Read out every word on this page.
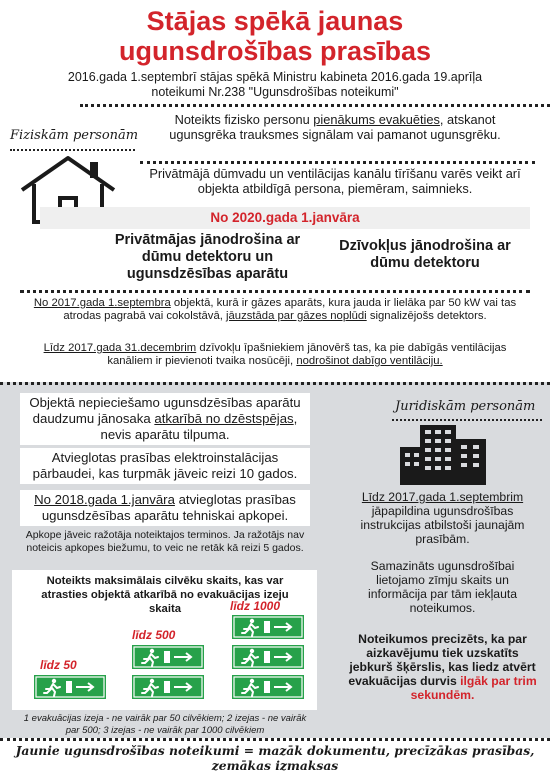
Stājas spēkā jaunas
ugunsdrošības prasības
2016.gada 1.septembrī stājas spēkā Ministru kabineta 2016.gada 19.aprīļa noteikumi Nr.238 "Ugunsdrošības noteikumi"
Fiziskām personām
Noteikts fizisko personu pienākums evakuēties, atskanot ugunsgrēka trauksmes signālam vai pamanot ugunsgrēku.
Privātmājā dūmvadu un ventilācijas kanālu tīrīšanu varēs veikt arī objekta atbildīgā persona, piemēram, saimnieks.
No 2020.gada 1.janvāra
Privātmājas jānodrošina ar dūmu detektoru un ugunsdzēsības aparātu
Dzīvokļus jānodrošina ar dūmu detektoru
No 2017.gada 1.septembra objektā, kurā ir gāzes aparāts, kura jauda ir lielāka par 50 kW vai tas atrodas pagrabā vai cokolstāvā, jāuzstāda par gāzes noplūdi signalizējošs detektors.
Līdz 2017.gada 31.decembrim dzīvokļu īpašniekiem jānovērš tas, ka pie dabīgās ventilācijas kanāliem ir pievienoti tvaika nosūcēji, nodrošinot dabīgo ventilāciju.
Objektā nepieciešamo ugunsdzēsības aparātu daudzumu jānosaka atkarībā no dzēstspējas, nevis aparātu tilpuma.
Atvieglotas prasības elektroinstalācijas pārbaudei, kas turpmāk jāveic reizi 10 gados.
No 2018.gada 1.janvāra atvieglotas prasības ugunsdzēsības aparātu tehniskai apkopei.
Apkope jāveic ražotāja noteiktajos terminos. Ja ražotājs nav noteicis apkopes biežumu, to veic ne retāk kā reizi 5 gados.
Noteikts maksimālais cilvēku skaits, kas var atrasties objektā atkarībā no evakuācijas izeju skaita	līdz 1000
līdz 500
līdz 50
1 evakuācijas izeja - ne vairāk par 50 cilvēkiem; 2 izejas - ne vairāk par 500; 3 izejas - ne vairāk par 1000 cilvēkiem
Juridiskām personām
Līdz 2017.gada 1.septembrim jāpapildina ugunsdrošības instrukcijas atbilstoši jaunajām prasībām.
Samazināts ugunsdrošībai lietojamo zīmju skaits un informācija par tām iekļauta noteikumos.
Noteikumos precizēts, ka par aizkavējumu tiek uzskatīts jebkurš šķērslis, kas liedz atvērt evakuācijas durvis ilgāk par trim sekundēm.
Jaunie ugunsdrošības noteikumi = mazāk dokumentu, precīzākas prasības, zemākas izmaksas
